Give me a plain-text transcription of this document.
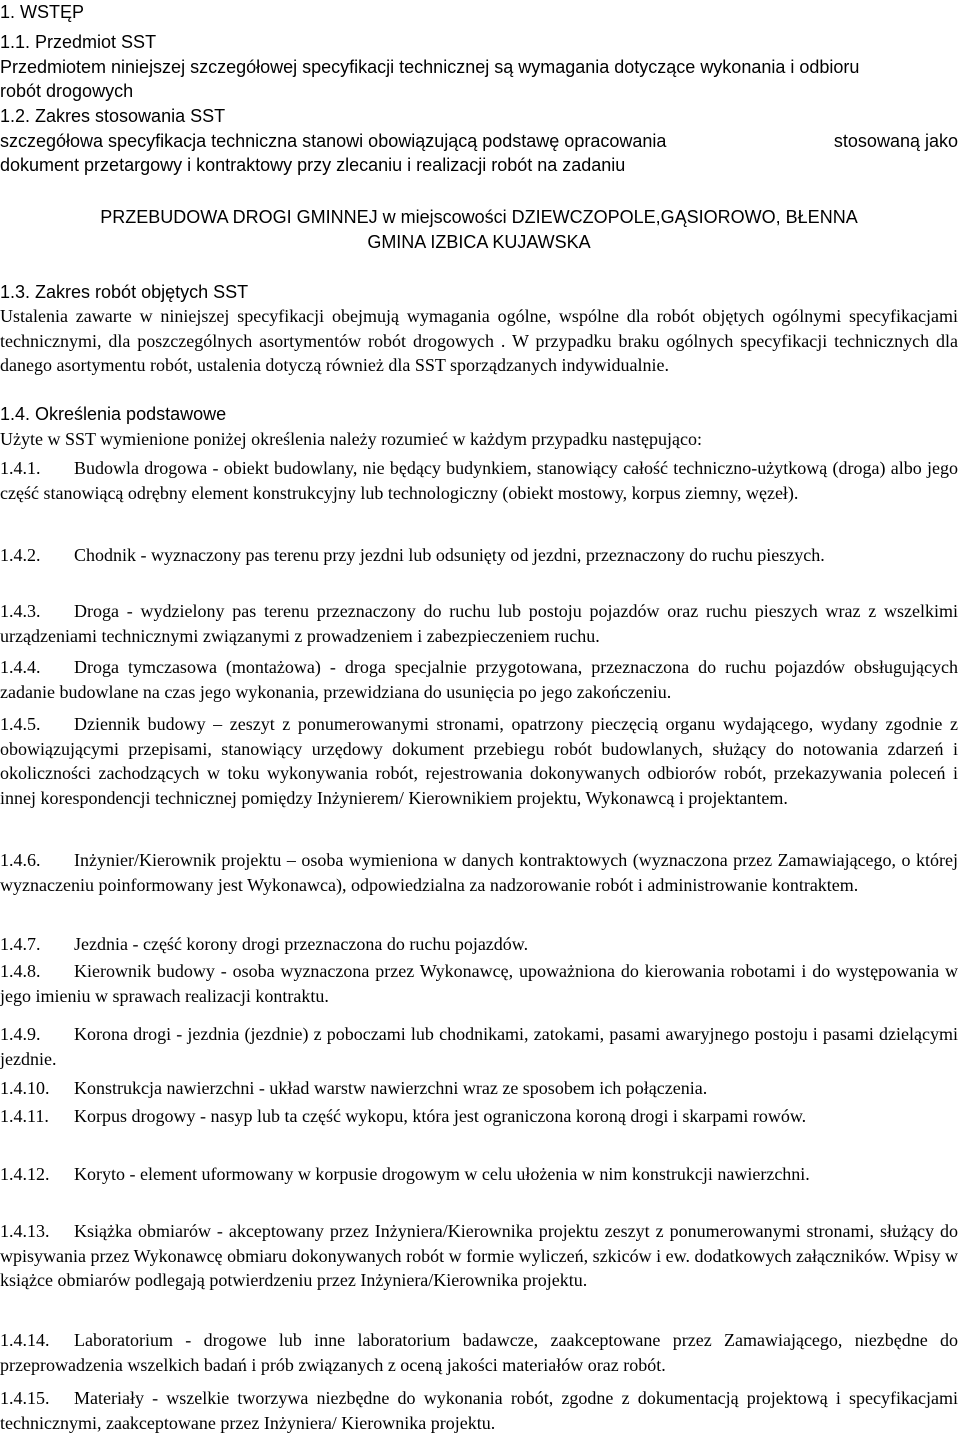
1. WSTĘP
1.1. Przedmiot SST
Przedmiotem niniejszej szczegółowej specyfikacji technicznej są wymagania dotyczące wykonania i odbioru
robót drogowych
1.2. Zakres stosowania SST
szczegółowa specyfikacja techniczna stanowi obowiązującą podstawę opracowania	stosowaną jako
dokument przetargowy i kontraktowy przy zlecaniu i realizacji robót na zadaniu
PRZEBUDOWA DROGI GMINNEJ w miejscowości DZIEWCZOPOLE,GĄSIOROWO, BŁENNA
GMINA IZBICA KUJAWSKA
1.3. Zakres robót objętych SST
Ustalenia zawarte w niniejszej specyfikacji obejmują wymagania ogólne, wspólne dla robót objętych ogólnymi specyfikacjami technicznymi, dla poszczególnych asortymentów robót drogowych . W przypadku braku ogólnych specyfikacji technicznych dla danego asortymentu robót, ustalenia dotyczą również dla SST sporządzanych indywidualnie.
1.4. Określenia podstawowe
Użyte w SST wymienione poniżej określenia należy rozumieć w każdym przypadku następująco:
1.4.1. Budowla drogowa - obiekt budowlany, nie będący budynkiem, stanowiący całość techniczno-użytkową (droga) albo jego część stanowiącą odrębny element konstrukcyjny lub technologiczny (obiekt mostowy, korpus ziemny, węzeł).
1.4.2. Chodnik - wyznaczony pas terenu przy jezdni lub odsunięty od jezdni, przeznaczony do ruchu pieszych.
1.4.3. Droga - wydzielony pas terenu przeznaczony do ruchu lub postoju pojazdów oraz ruchu pieszych wraz z wszelkimi urządzeniami technicznymi związanymi z prowadzeniem i zabezpieczeniem ruchu.
1.4.4. Droga tymczasowa (montażowa) - droga specjalnie przygotowana, przeznaczona do ruchu pojazdów obsługujących zadanie budowlane na czas jego wykonania, przewidziana do usunięcia po jego zakończeniu.
1.4.5. Dziennik budowy – zeszyt z ponumerowanymi stronami, opatrzony pieczęcią organu wydającego, wydany zgodnie z obowiązującymi przepisami, stanowiący urzędowy dokument przebiegu robót budowlanych, służący do notowania zdarzeń i okoliczności zachodzących w toku wykonywania robót, rejestrowania dokonywanych odbiorów robót, przekazywania poleceń i innej korespondencji technicznej pomiędzy Inżynierem/ Kierownikiem projektu, Wykonawcą i projektantem.
1.4.6. Inżynier/Kierownik projektu – osoba wymieniona w danych kontraktowych (wyznaczona przez Zamawiającego, o której wyznaczeniu poinformowany jest Wykonawca), odpowiedzialna za nadzorowanie robót i administrowanie kontraktem.
1.4.7. Jezdnia - część korony drogi przeznaczona do ruchu pojazdów.
1.4.8. Kierownik budowy - osoba wyznaczona przez Wykonawcę, upoważniona do kierowania robotami i do występowania w jego imieniu w sprawach realizacji kontraktu.
1.4.9. Korona drogi - jezdnia (jezdnie) z poboczami lub chodnikami, zatokami, pasami awaryjnego postoju i pasami dzielącymi jezdnie.
1.4.10. Konstrukcja nawierzchni - układ warstw nawierzchni wraz ze sposobem ich połączenia.
1.4.11. Korpus drogowy - nasyp lub ta część wykopu, która jest ograniczona koroną drogi i skarpami rowów.
1.4.12. Koryto - element uformowany w korpusie drogowym w celu ułożenia w nim konstrukcji nawierzchni.
1.4.13. Książka obmiarów - akceptowany przez Inżyniera/Kierownika projektu zeszyt z ponumerowanymi stronami, służący do wpisywania przez Wykonawcę obmiaru dokonywanych robót w formie wyliczeń, szkiców i ew. dodatkowych załączników. Wpisy w książce obmiarów podlegają potwierdzeniu przez Inżyniera/Kierownika projektu.
1.4.14. Laboratorium - drogowe lub inne laboratorium badawcze, zaakceptowane przez Zamawiającego, niezbędne do przeprowadzenia wszelkich badań i prób związanych z oceną jakości materiałów oraz robót.
1.4.15. Materiały - wszelkie tworzywa niezbędne do wykonania robót, zgodne z dokumentacją projektową i specyfikacjami technicznymi, zaakceptowane przez Inżyniera/ Kierownika projektu.
